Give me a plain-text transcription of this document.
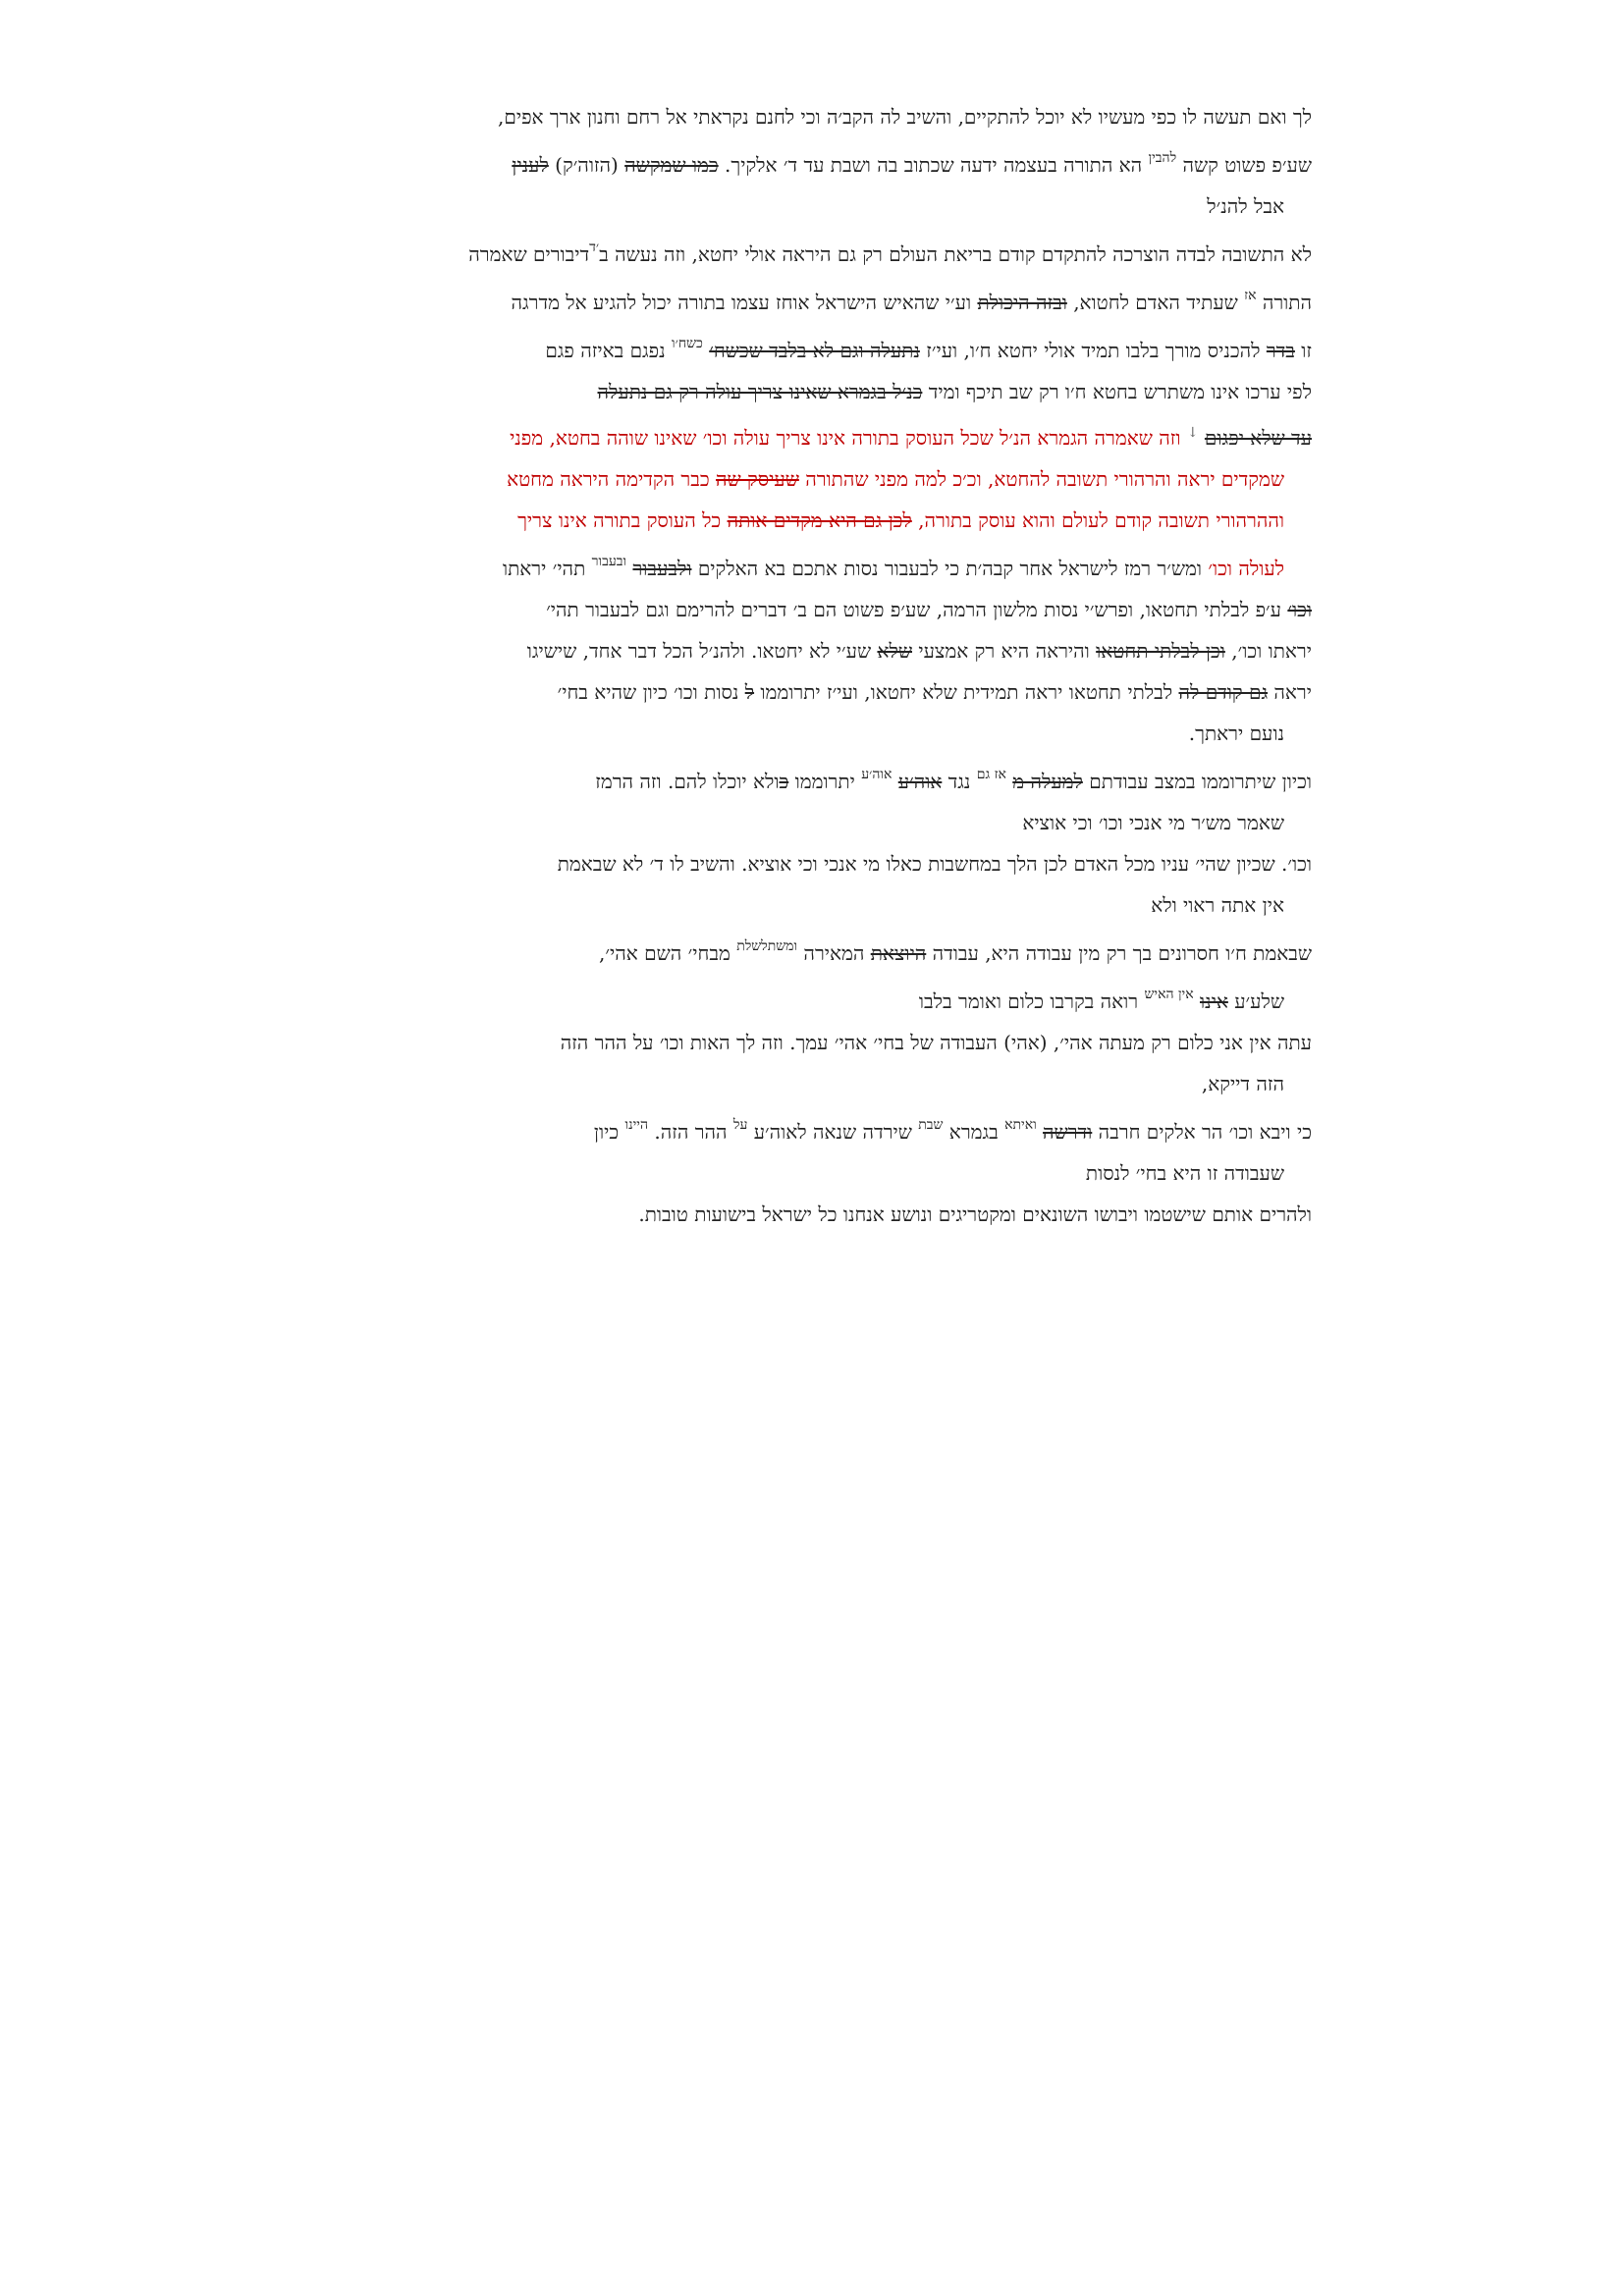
לך ואם תעשה לו כפי מעשיו לא יוכל להתקיים, והשיב לה הקב׳ה וכי לחנם נקראתי אל רחם וחנון ארך אפים,
שע׳פ פשוט קשה $^{להבין}$ הא התורה בעצמה ידעה שכתוב בה ושבת עד ד׳ אלקיך. כמו שמקשה (הזוה׳ק) לענין
אבל להנ׳ל
לא התשובה לבדה הוצרכה להתקדם קודם בריאת העולם רק גם היראה אולי יחטא, וזה נעשה ב$^{׳ד}$דיבורים שאמרה
התורה $^{אז}$ שעתיד האדם לחטוא, ובזה היכולת וע׳י שהאיש הישראל אוחז עצמו בתורה יכול להגיע אל מדרגה
זו בדר להכניס מורך בלבו תמיד אולי יחטא ח׳ו, ועי׳ז נתעלה וגם לא בלבד שכשח׳ $^{כשח׳ו}$ נפגם באיזה פגם
לפי ערכו אינו משתרש בחטא ח׳ו רק שב תיכף ומיד כנ׳ל בגמרא שאינו צריך עולה רק גם נתעלה
עד שלא יפגום ↓ וזה שאמרה הגמרא הנ׳ל שכל העוסק בתורה אינו צריך עולה וכו׳ שאינו שוהה בחטא, מפני
שמקדים יראה והרהורי תשובה להחטא, וכ׳כ למה מפני שהתורה שעיסק שה כבר הקדימה היראה מחטא
וההרהורי תשובה קודם לעולם והוא עוסק בתורה, לכן גם היא מקדים אותה כל העוסק בתורה אינו צריך
לעולה וכו׳ ומש׳ר רמז לישראל אחר קבה׳ת כי לבעבור נסות אתכם בא האלקים ולבעבור $^{ובעבור}$ תהי׳ יראתו
וכו׳ ע׳פ לבלתי תחטאו, ופרש׳י נסות מלשון הרמה, שע׳פ פשוט הם ב׳ דברים להרימם וגם לבעבור תהי׳
יראתו וכו׳, וכן לבלתי תחטאו והיראה היא רק אמצעי שלא שע׳י לא יחטאו. ולהנ׳ל הכל דבר אחד, שישיגו
יראה גם קודם לה לבלתי תחטאו יראה תמידית שלא יחטאו, ועי׳ז יתרוממו ל נסות וכו׳ כיון שהיא בחי׳
נועם יראתך.
וכיון שיתרוממו במצב עבודתם למעלה מ $^{אז גם}$ נגד אוה׳ע $^{אוה׳ע}$ יתרוממו כולא יוכלו להם. וזה הרמז
שאמר מש׳ר מי אנכי וכו׳ וכי אוציא
וכו׳. שכיון שהי׳ עניו מכל האדם לכן הלך במחשבות כאלו מי אנכי וכי אוציא. והשיב לו ד׳ לא שבאמת
אין אתה ראוי ולא
שבאמת ח׳ו חסרונים בך רק מין עבודה היא, עבודה היוצאת המאירה $^{ומשתלשלת}$ מבחי׳ השם אהי׳,
שלע׳ע אינו $^{אין האיש}$ רואה בקרבו כלום ואומר בלבו
עתה אין אני כלום רק מעתה אהי׳, (אהי) העבודה של בחי׳ אהי׳ עמך. וזה לך האות וכו׳ על ההר הזה
הזה דייקא,
כי ויבא וכו׳ הר אלקים חרבה ודרשה $^{ואיתא}$ בגמרא $^{שבת}$ שירדה שנאה לאוה׳ע $^{על}$ ההר הזה. $^{היינו}$ כיון
שעבודה זו היא בחי׳ לנסות
ולהרים אותם שישטמו ויבושו השונאים ומקטריגים ונושע אנחנו כל ישראל בישועות טובות.
